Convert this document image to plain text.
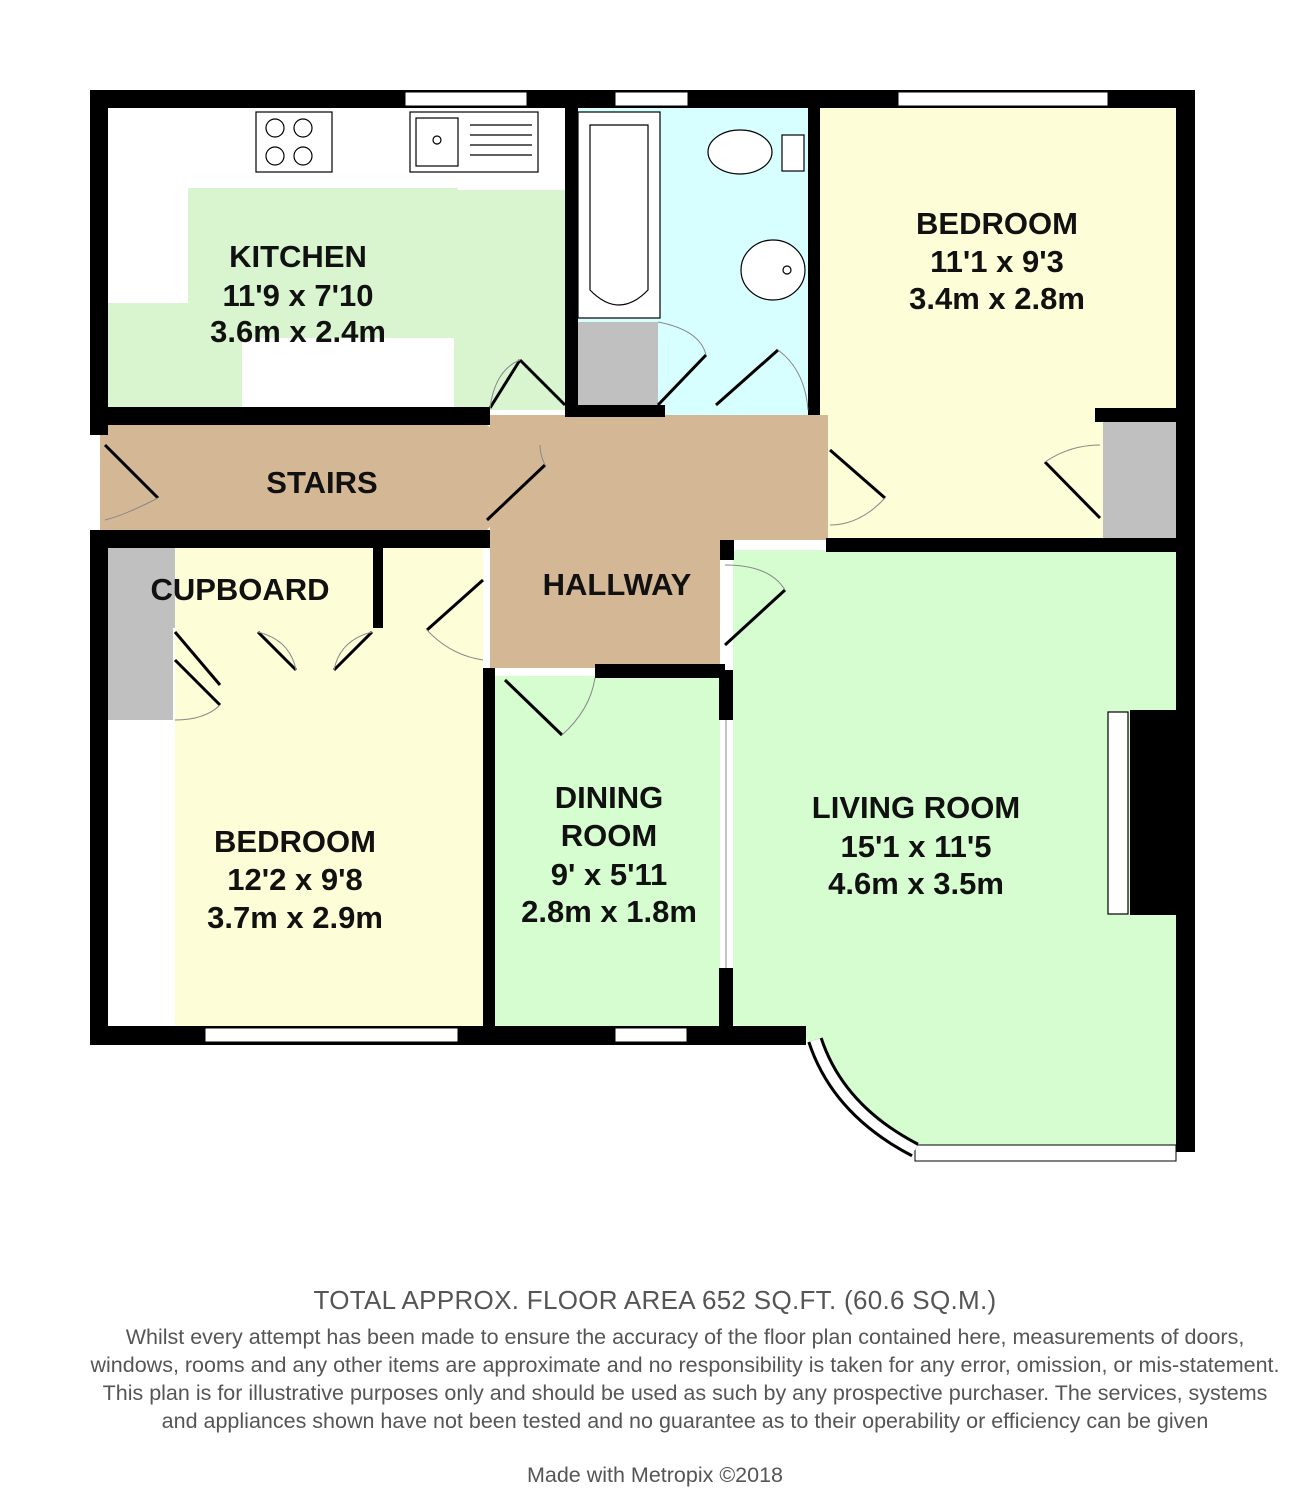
KITCHEN
11'9 x 7'10
3.6m x 2.4m
BEDROOM
11'1 x 9'3
3.4m x 2.8m
STAIRS
HALLWAY
CUPBOARD
BEDROOM
12'2 x 9'8
3.7m x 2.9m
DINING
ROOM
9' x 5'11
2.8m x 1.8m
LIVING ROOM
15'1 x 11'5
4.6m x 3.5m
TOTAL APPROX. FLOOR AREA 652 SQ.FT. (60.6 SQ.M.)
Whilst every attempt has been made to ensure the accuracy of the floor plan contained here, measurements of doors, windows, rooms and any other items are approximate and no responsibility is taken for any error, omission, or mis-statement. This plan is for illustrative purposes only and should be used as such by any prospective purchaser. The services, systems and appliances shown have not been tested and no guarantee as to their operability or efficiency can be given
Made with Metropix ©2018
